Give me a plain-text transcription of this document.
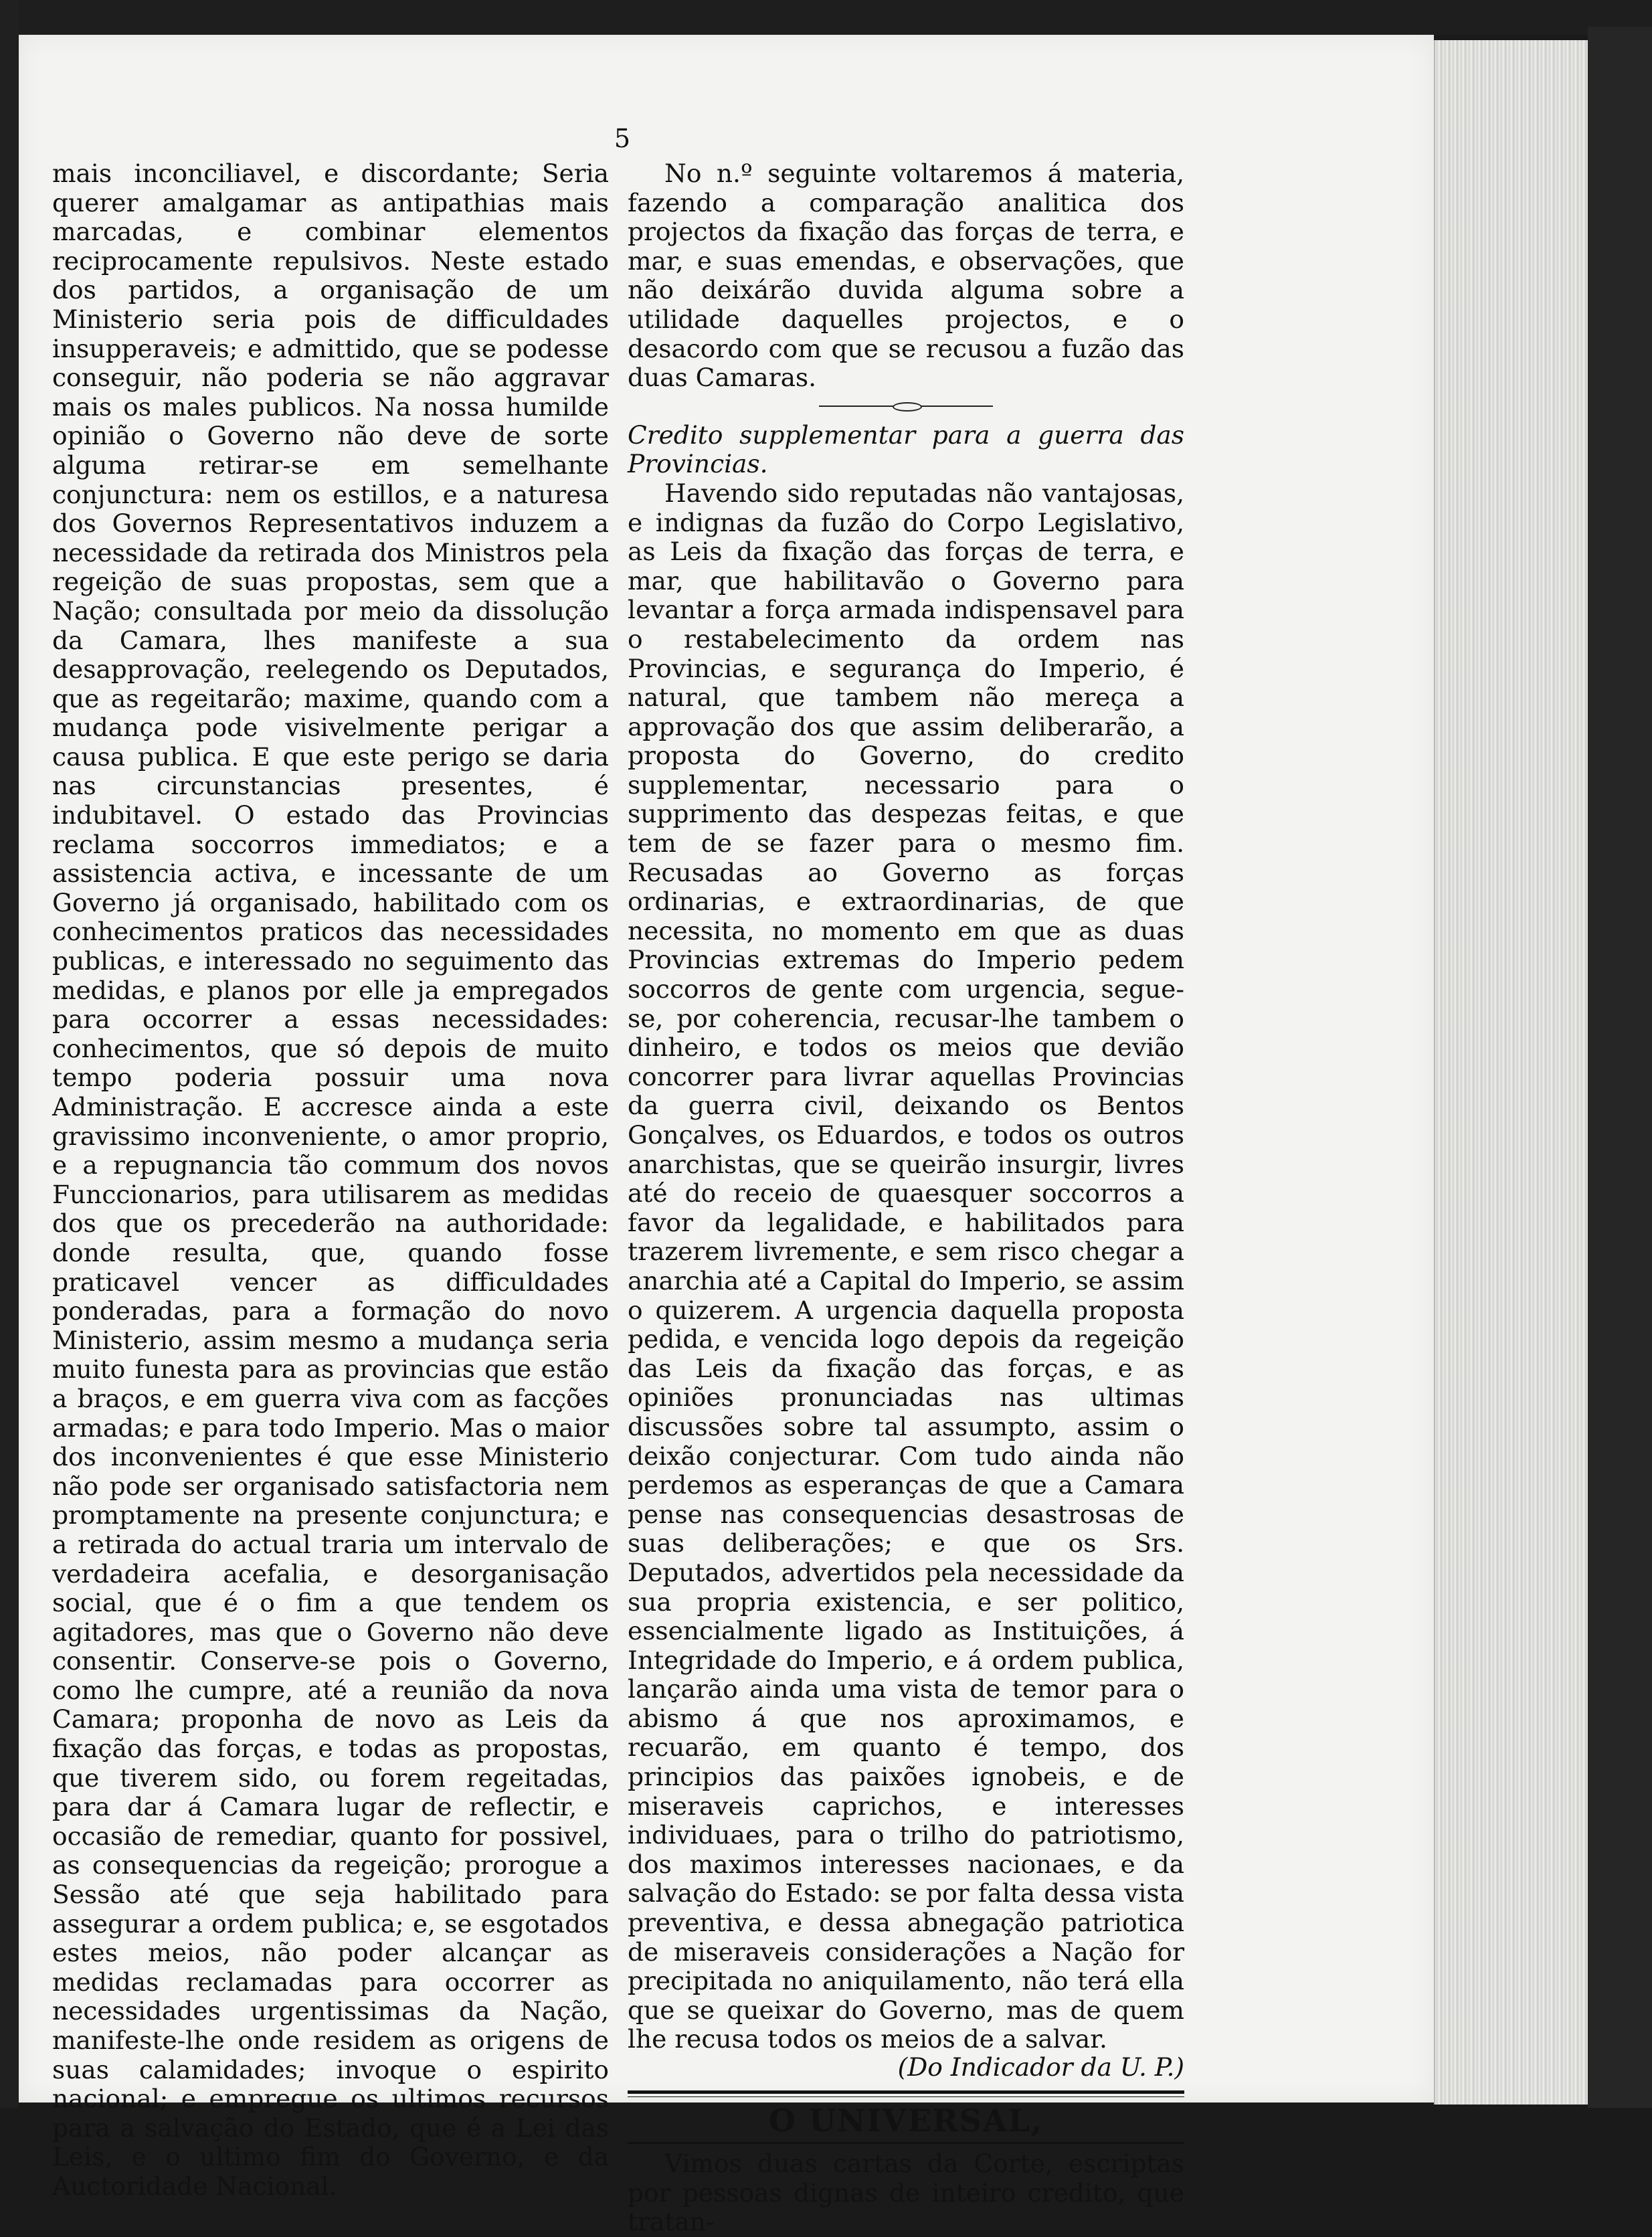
5

mais inconciliavel, e discordante; Seria querer amalgamar as antipathias mais marcadas, e combinar elementos reciprocamente repulsivos. Neste estado dos partidos, a organisação de um Ministerio seria pois de difficuldades insupperaveis; e admittido, que se podesse conseguir, não poderia se não aggravar mais os males publicos. Na nossa humilde opinião o Governo não deve de sorte alguma retirar-se em semelhante conjunctura: nem os estillos, e a naturesa dos Governos Representativos induzem a necessidade da retirada dos Ministros pela regeição de suas propostas, sem que a Nação; consultada por meio da dissolução da Camara, lhes manifeste a sua desapprovação, reelegendo os Deputados, que as regeitarão; maxime, quando com a mudança pode visivelmente perigar a causa publica. E que este perigo se daria nas circunstancias presentes, é indubitavel. O estado das Provincias reclama soccorros immediatos; e a assistencia activa, e incessante de um Governo já organisado, habilitado com os conhecimentos praticos das necessidades publicas, e interessado no seguimento das medidas, e planos por elle ja empregados para occorrer a essas necessidades: conhecimentos, que só depois de muito tempo poderia possuir uma nova Administração. E accresce ainda a este gravissimo inconveniente, o amor proprio, e a repugnancia tão commum dos novos Funccionarios, para utilisarem as medidas dos que os precederão na authoridade: donde resulta, que, quando fosse praticavel vencer as difficuldades ponderadas, para a formação do novo Ministerio, assim mesmo a mudança seria muito funesta para as provincias que estão a braços, e em guerra viva com as facções armadas; e para todo Imperio. Mas o maior dos inconvenientes é que esse Ministerio não pode ser organisado satisfactoria nem promptamente na presente conjunctura; e a retirada do actual traria um intervalo de verdadeira acefalia, e desorganisação social, que é o fim a que tendem os agitadores, mas que o Governo não deve consentir. Conserve-se pois o Governo, como lhe cumpre, até a reunião da nova Camara; proponha de novo as Leis da fixação das forças, e todas as propostas, que tiverem sido, ou forem regeitadas, para dar á Camara lugar de reflectir, e occasião de remediar, quanto for possivel, as consequencias da regeição; prorogue a Sessão até que seja habilitado para assegurar a ordem publica; e, se esgotados estes meios, não poder alcançar as medidas reclamadas para occorrer as necessidades urgentissimas da Nação, manifeste-lhe onde residem as origens de suas calamidades; invoque o espirito nacional; e empregue os ultimos recursos para a salvação do Estado, que é a Lei das Leis, e o ultimo fim do Governo, e da Auctoridade Nacional.

No n.º seguinte voltaremos á materia, fazendo a comparação analitica dos projectos da fixação das forças de terra, e mar, e suas emendas, e observações, que não deixárão duvida alguma sobre a utilidade daquelles projectos, e o desacordo com que se recusou a fuzão das duas Camaras.

Credito supplementar para a guerra das Provincias.

Havendo sido reputadas não vantajosas, e indignas da fuzão do Corpo Legislativo, as Leis da fixação das forças de terra, e mar, que habilitavão o Governo para levantar a força armada indispensavel para o restabelecimento da ordem nas Provincias, e segurança do Imperio, é natural, que tambem não mereça a approvação dos que assim deliberarão, a proposta do Governo, do credito supplementar, necessario para o supprimento das despezas feitas, e que tem de se fazer para o mesmo fim. Recusadas ao Governo as forças ordinarias, e extraordinarias, de que necessita, no momento em que as duas Provincias extremas do Imperio pedem soccorros de gente com urgencia, segue-se, por coherencia, recusar-lhe tambem o dinheiro, e todos os meios que devião concorrer para livrar aquellas Provincias da guerra civil, deixando os Bentos Gonçalves, os Eduardos, e todos os outros anarchistas, que se queirão insurgir, livres até do receio de quaesquer soccorros a favor da legalidade, e habilitados para trazerem livremente, e sem risco chegar a anarchia até a Capital do Imperio, se assim o quizerem. A urgencia daquella proposta pedida, e vencida logo depois da regeição das Leis da fixação das forças, e as opiniões pronunciadas nas ultimas discussões sobre tal assumpto, assim o deixão conjecturar. Com tudo ainda não perdemos as esperanças de que a Camara pense nas consequencias desastrosas de suas deliberações; e que os Srs. Deputados, advertidos pela necessidade da sua propria existencia, e ser politico, essencialmente ligado as Instituições, á Integridade do Imperio, e á ordem publica, lançarão ainda uma vista de temor para o abismo á que nos aproximamos, e recuarão, em quanto é tempo, dos principios das paixões ignobeis, e de miseraveis caprichos, e interesses individuaes, para o trilho do patriotismo, dos maximos interesses nacionaes, e da salvação do Estado: se por falta dessa vista preventiva, e dessa abnegação patriotica de miseraveis considerações a Nação for precipitada no aniquilamento, não terá ella que se queixar do Governo, mas de quem lhe recusa todos os meios de a salvar.

(Do Indicador da U. P.)

O UNIVERSAL,

Vimos duas cartas da Corte, escriptas por pessoas dignas de inteiro credito, que tratan-
